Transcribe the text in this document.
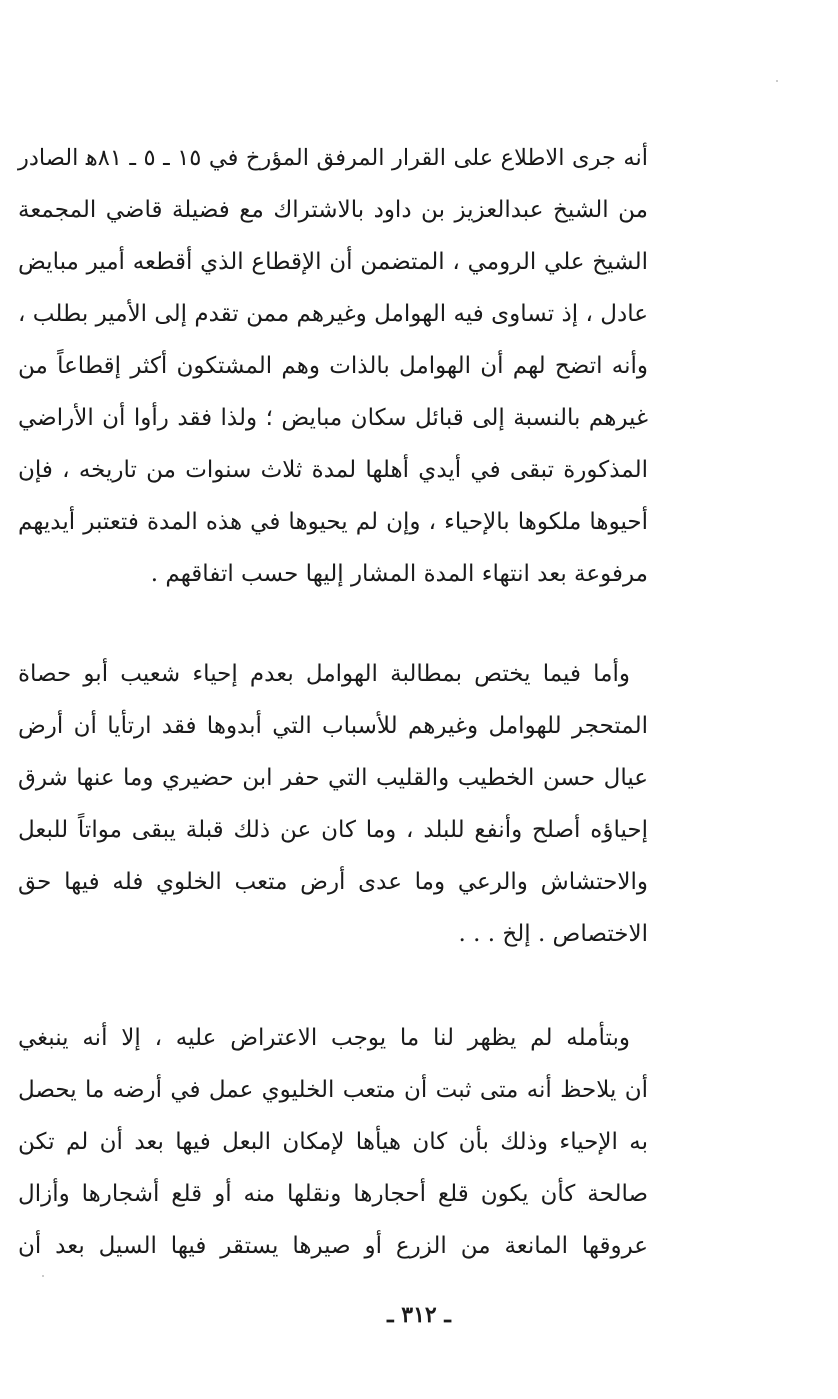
أنه جرى الاطلاع على القرار المرفق المؤرخ في ١٥ ـ ٥ ـ ٨١ﻫ الصادر
من الشيخ عبدالعزيز بن داود بالاشتراك مع فضيلة قاضي المجمعة
الشيخ علي الرومي ، المتضمن أن الإقطاع الذي أقطعه أمير مبايض
عادل ، إذ تساوى فيه الهوامل وغيرهم ممن تقدم إلى الأمير بطلب ،
وأنه اتضح لهم أن الهوامل بالذات وهم المشتكون أكثر إقطاعاً من
غيرهم بالنسبة إلى قبائل سكان مبايض ؛ ولذا فقد رأوا أن الأراضي
المذكورة تبقى في أيدي أهلها لمدة ثلاث سنوات من تاريخه ، فإن
أحيوها ملكوها بالإحياء ، وإن لم يحيوها في هذه المدة فتعتبر أيديهم
مرفوعة بعد انتهاء المدة المشار إليها حسب اتفاقهم .
وأما فيما يختص بمطالبة الهوامل بعدم إحياء شعيب أبو حصاة
المتحجر للهوامل وغيرهم للأسباب التي أبدوها فقد ارتأيا أن أرض
عيال حسن الخطيب والقليب التي حفر ابن حضيري وما عنها شرق
إحياؤه أصلح وأنفع للبلد ، وما كان عن ذلك قبلة يبقى مواتاً للبعل
والاحتشاش والرعي وما عدى أرض متعب الخلوي فله فيها حق
الاختصاص . إلخ . . .
وبتأمله لم يظهر لنا ما يوجب الاعتراض عليه ، إلا أنه ينبغي
أن يلاحظ أنه متى ثبت أن متعب الخليوي عمل في أرضه ما يحصل
به الإحياء وذلك بأن كان هيأها لإمكان البعل فيها بعد أن لم تكن
صالحة كأن يكون قلع أحجارها ونقلها منه أو قلع أشجارها وأزال
عروقها المانعة من الزرع أو صيرها يستقر فيها السيل بعد أن
ـ ٣١٢ ـ
